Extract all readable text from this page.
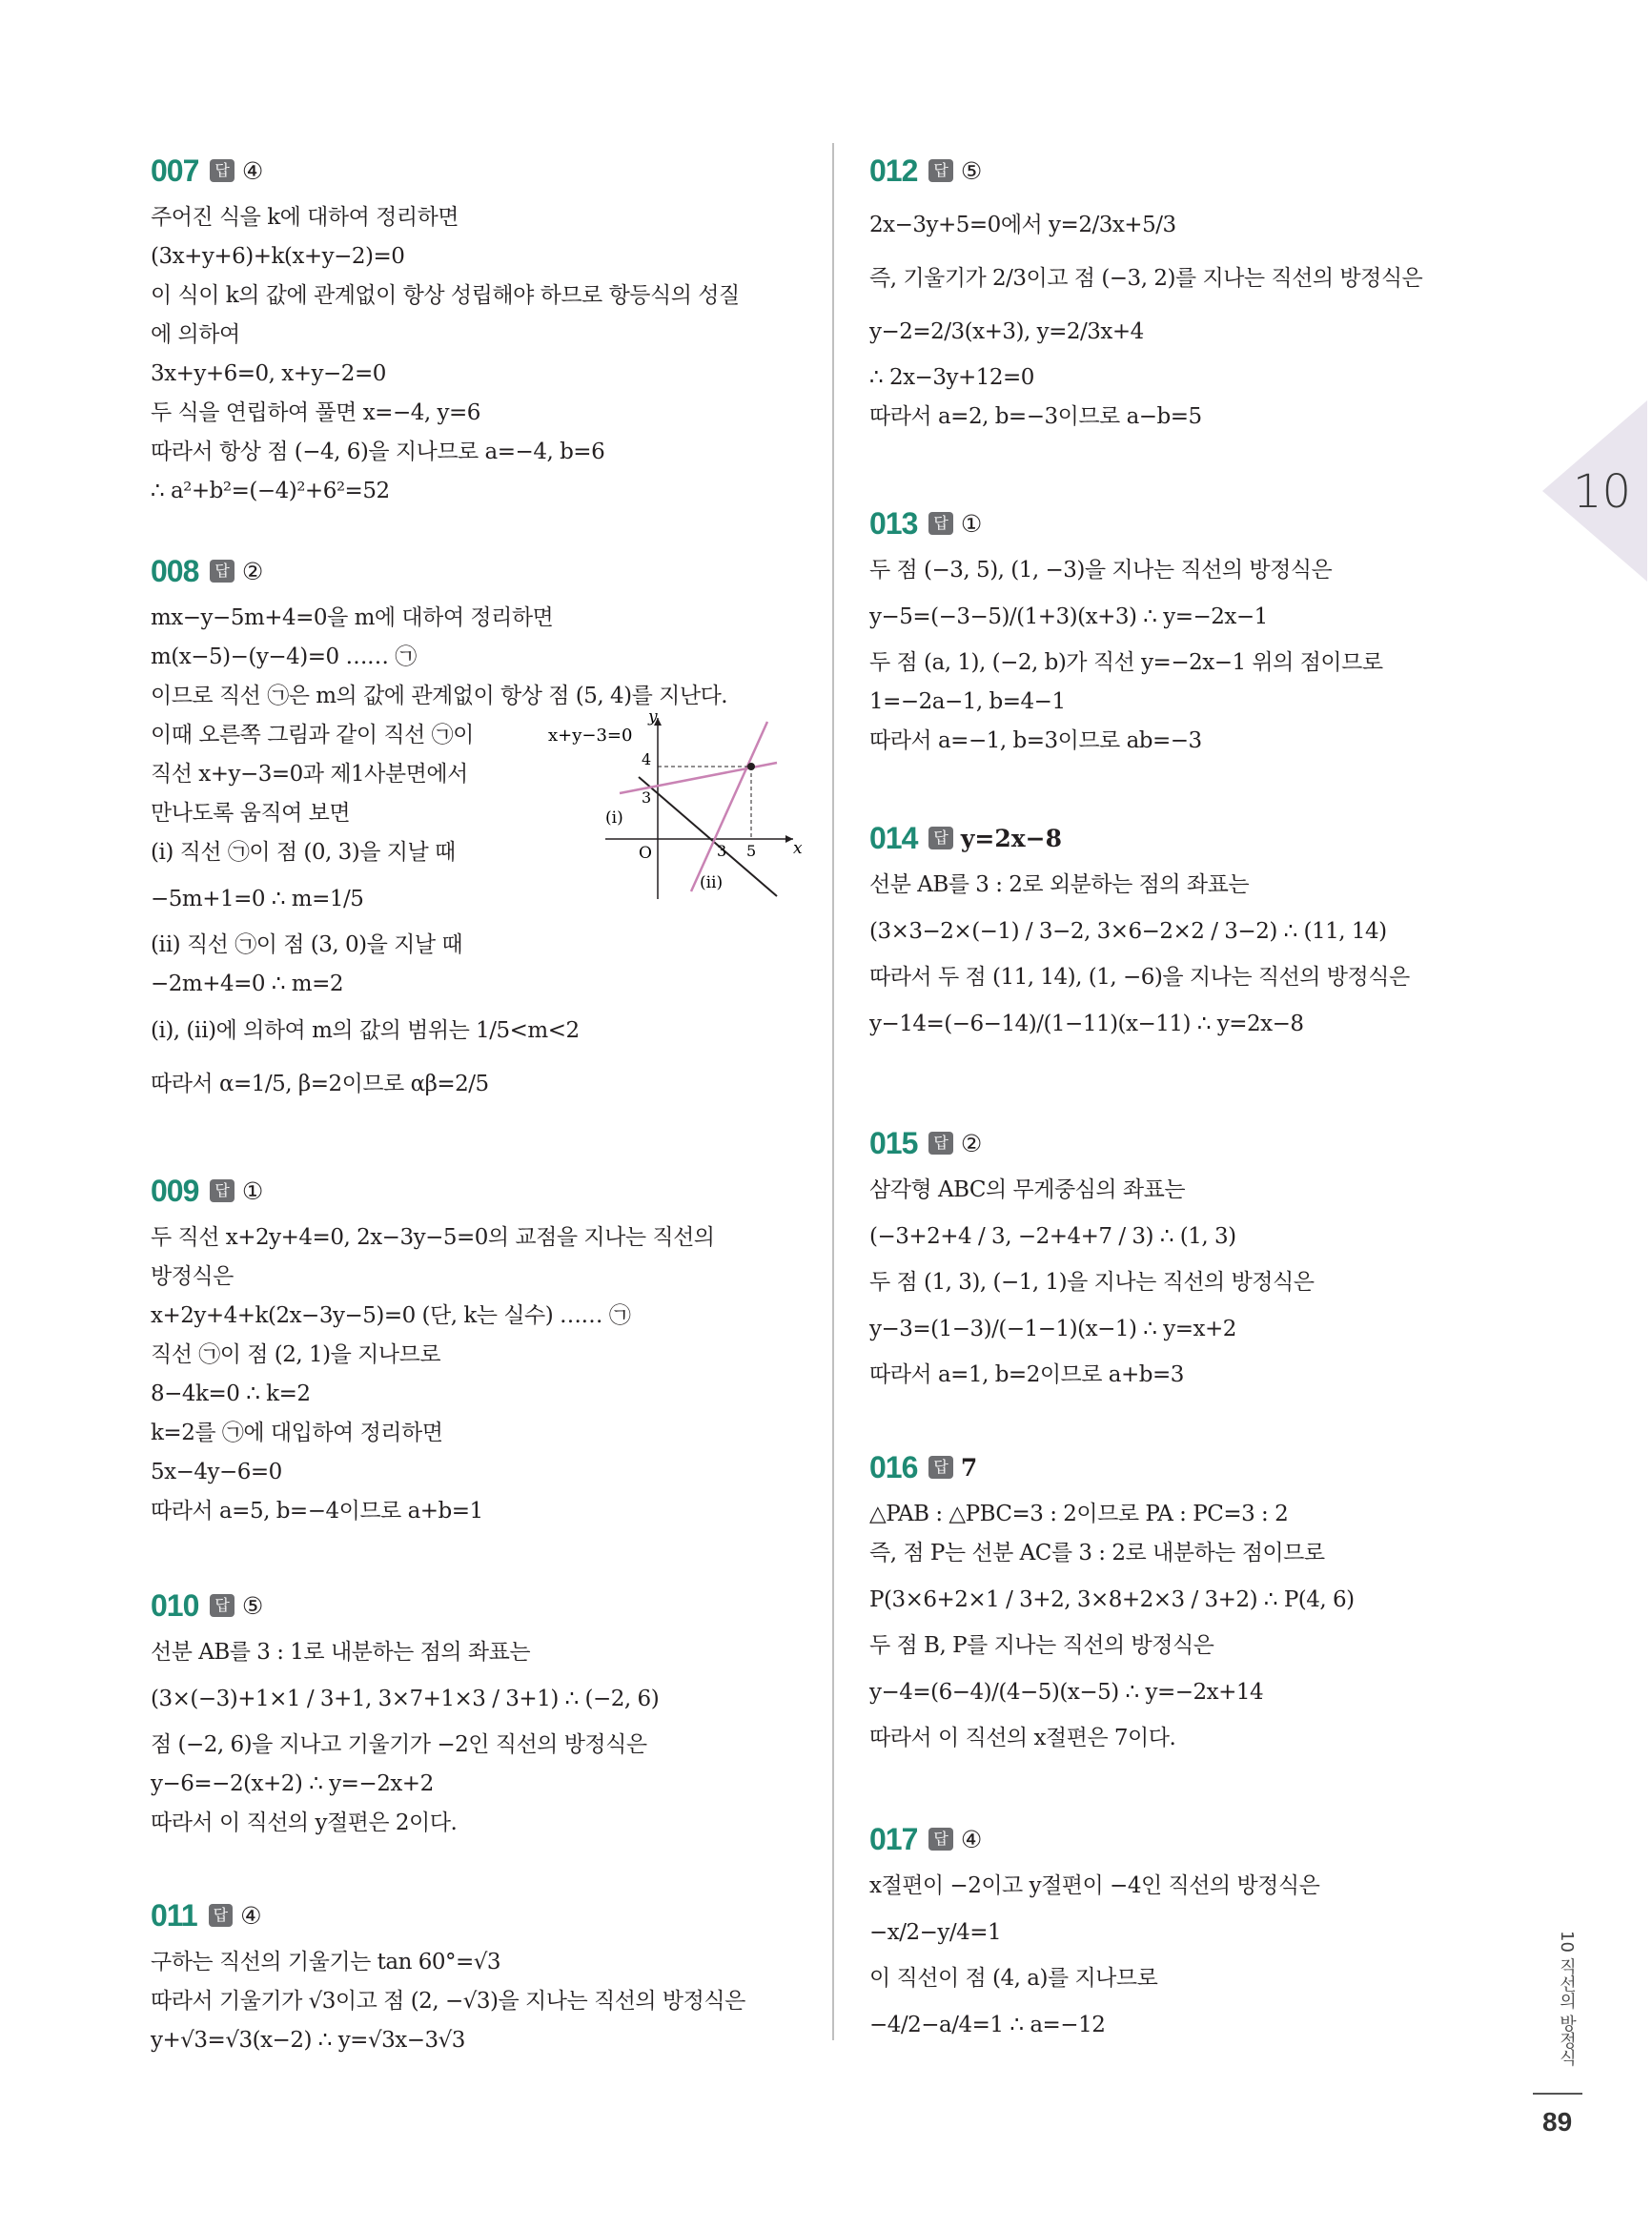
007	답 ④
주어진 식을 k에 대하여 정리하면
(3x+y+6)+k(x+y−2)=0
이 식이 k의 값에 관계없이 항상 성립해야 하므로 항등식의 성질
에 의하여
3x+y+6=0, x+y−2=0
두 식을 연립하여 풀면 x=−4, y=6
따라서 항상 점 (−4, 6)을 지나므로 a=−4, b=6
∴ a²+b²=(−4)²+6²=52
008	답 ②
mx−y−5m+4=0을 m에 대하여 정리하면
m(x−5)−(y−4)=0 …… ㉠
이므로 직선 ㉠은 m의 값에 관계없이 항상 점 (5, 4)를 지난다.
이때 오른쪽 그림과 같이 직선 ㉠이
직선 x+y−3=0과 제1사분면에서
만나도록 움직여 보면
(ⅰ) 직선 ㉠이 점 (0, 3)을 지날 때
−5m+1=0 ∴ m=1/5
(ⅱ) 직선 ㉠이 점 (3, 0)을 지날 때
−2m+4=0 ∴ m=2
(ⅰ), (ⅱ)에 의하여 m의 값의 범위는 1/5<m<2
따라서 α=1/5, β=2이므로 αβ=2/5
009	답 ①
두 직선 x+2y+4=0, 2x−3y−5=0의 교점을 지나는 직선의
방정식은
x+2y+4+k(2x−3y−5)=0 (단, k는 실수) …… ㉠
직선 ㉠이 점 (2, 1)을 지나므로
8−4k=0 ∴ k=2
k=2를 ㉠에 대입하여 정리하면
5x−4y−6=0
따라서 a=5, b=−4이므로 a+b=1
010	답 ⑤
선분 AB를 3 : 1로 내분하는 점의 좌표는
(3×(−3)+1×1 / 3+1, 3×7+1×3 / 3+1) ∴ (−2, 6)
점 (−2, 6)을 지나고 기울기가 −2인 직선의 방정식은
y−6=−2(x+2) ∴ y=−2x+2
따라서 이 직선의 y절편은 2이다.
011	답 ④
구하는 직선의 기울기는 tan 60°=√3
따라서 기울기가 √3이고 점 (2, −√3)을 지나는 직선의 방정식은
y+√3=√3(x−2) ∴ y=√3x−3√3
012	답 ⑤
2x−3y+5=0에서 y=2/3x+5/3
즉, 기울기가 2/3이고 점 (−3, 2)를 지나는 직선의 방정식은
y−2=2/3(x+3), y=2/3x+4
∴ 2x−3y+12=0
따라서 a=2, b=−3이므로 a−b=5
013	답 ①
두 점 (−3, 5), (1, −3)을 지나는 직선의 방정식은
y−5=(−3−5)/(1+3)(x+3) ∴ y=−2x−1
두 점 (a, 1), (−2, b)가 직선 y=−2x−1 위의 점이므로
1=−2a−1, b=4−1
따라서 a=−1, b=3이므로 ab=−3
014	답 y=2x−8
선분 AB를 3 : 2로 외분하는 점의 좌표는
(3×3−2×(−1) / 3−2, 3×6−2×2 / 3−2) ∴ (11, 14)
따라서 두 점 (11, 14), (1, −6)을 지나는 직선의 방정식은
y−14=(−6−14)/(1−11)(x−11) ∴ y=2x−8
015	답 ②
삼각형 ABC의 무게중심의 좌표는
(−3+2+4 / 3, −2+4+7 / 3) ∴ (1, 3)
두 점 (1, 3), (−1, 1)을 지나는 직선의 방정식은
y−3=(1−3)/(−1−1)(x−1) ∴ y=x+2
따라서 a=1, b=2이므로 a+b=3
016	답 7
△PAB : △PBC=3 : 2이므로 PA : PC=3 : 2
즉, 점 P는 선분 AC를 3 : 2로 내분하는 점이므로
P(3×6+2×1 / 3+2, 3×8+2×3 / 3+2) ∴ P(4, 6)
두 점 B, P를 지나는 직선의 방정식은
y−4=(6−4)/(4−5)(x−5) ∴ y=−2x+14
따라서 이 직선의 x절편은 7이다.
017	답 ④
x절편이 −2이고 y절편이 −4인 직선의 방정식은
−x/2−y/4=1
이 직선이 점 (4, a)를 지나므로
−4/2−a/4=1 ∴ a=−12
10
10 직선의 방정식
89
x+y−3=0
y
x
O
4
3
3 5
(ⅰ)
(ⅱ)
